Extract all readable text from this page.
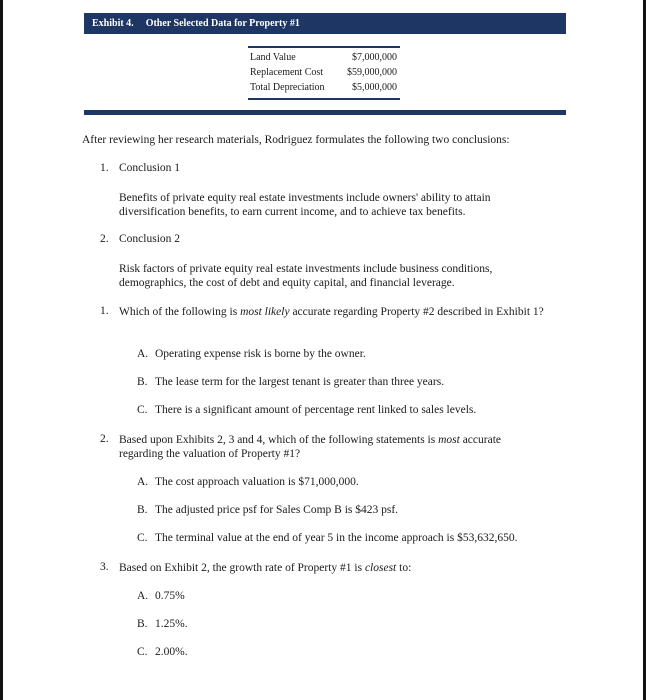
Exhibit 4. Other Selected Data for Property #1
Land Value	$7,000,000
Replacement Cost $59,000,000
Total Depreciation	$5,000,000
After reviewing her research materials, Rodriguez formulates the following two conclusions:
1. Conclusion 1
Benefits of private equity real estate investments include owners' ability to attain diversification benefits, to earn current income, and to achieve tax benefits.
2. Conclusion 2
Risk factors of private equity real estate investments include business conditions, demographics, the cost of debt and equity capital, and financial leverage.
1. Which of the following is most likely accurate regarding Property #2 described in Exhibit 1?
A. Operating expense risk is borne by the owner.
B. The lease term for the largest tenant is greater than three years.
C. There is a significant amount of percentage rent linked to sales levels.
2. Based upon Exhibits 2, 3 and 4, which of the following statements is most accurate regarding the valuation of Property #1?
A. The cost approach valuation is $71,000,000.
B. The adjusted price psf for Sales Comp B is $423 psf.
C. The terminal value at the end of year 5 in the income approach is $53,632,650.
3. Based on Exhibit 2, the growth rate of Property #1 is closest to:
A. 0.75%
B. 1.25%.
C. 2.00%.
